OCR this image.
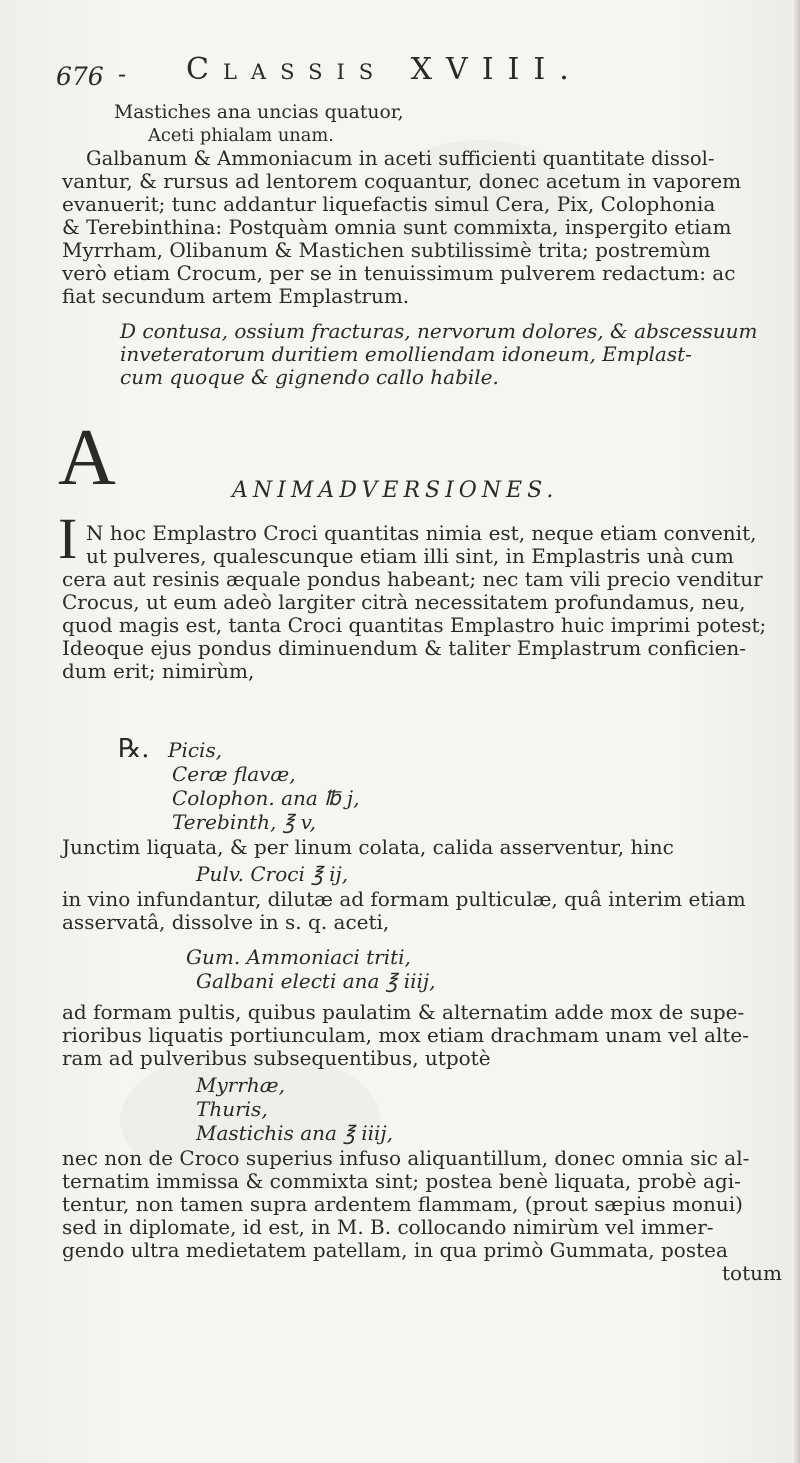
676 - Classis XVIII.
Mastiches ana uncias quatuor,
Aceti phialam unam.
Galbanum & Ammoniacum in aceti sufficienti quantitate dissol-
vantur, & rursus ad lentorem coquantur, donec acetum in vaporem
evanuerit; tunc addantur liquefactis simul Cera, Pix, Colophonia
& Terebinthina: Postquàm omnia sunt commixta, inspergito etiam
Myrrham, Olibanum & Mastichen subtilissimè trita; postremùm
verò etiam Crocum, per se in tenuissimum pulverem redactum: ac
fiat secundum artem Emplastrum.
A
D contusa, ossium fracturas, nervorum dolores, & abscessuum
inveteratorum duritiem emolliendam idoneum, Emplast-
cum quoque & gignendo callo habile.
ANIMADVERSIONES.
I N hoc Emplastro Croci quantitas nimia est, neque etiam convenit,
ut pulveres, qualescunque etiam illi sint, in Emplastris unà cum
cera aut resinis æquale pondus habeant; nec tam vili precio venditur
Crocus, ut eum adeò largiter citrà necessitatem profundamus, neu,
quod magis est, tanta Croci quantitas Emplastro huic imprimi potest;
Ideoque ejus pondus diminuendum & taliter Emplastrum conficien-
dum erit; nimirùm,
℞. Picis,
Ceræ flavæ,
Colophon. ana ℔ j,
Terebinth, ℥ v,
Junctim liquata, & per linum colata, calida asserventur, hinc
Pulv. Croci ℥ ij,
in vino infundantur, dilutæ ad formam pulticulæ, quâ interim etiam
asservatâ, dissolve in s. q. aceti,
Gum. Ammoniaci triti,
Galbani electi ana ℥ iiij,
ad formam pultis, quibus paulatim & alternatim adde mox de supe-
rioribus liquatis portiunculam, mox etiam drachmam unam vel alte-
ram ad pulveribus subsequentibus, utpotè
Myrrhæ,
Thuris,
Mastichis ana ℥ iiij,
nec non de Croco superius infuso aliquantillum, donec omnia sic al-
ternatim immissa & commixta sint; postea benè liquata, probè agi-
tentur, non tamen supra ardentem flammam, (prout sæpius monui)
sed in diplomate, id est, in M. B. collocando nimirùm vel immer-
gendo ultra medietatem patellam, in qua primò Gummata, postea
totum
